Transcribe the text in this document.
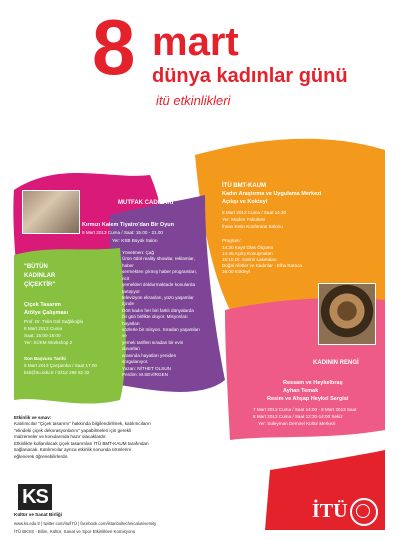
8 mart
dünya kadınlar günü
itü etkinlikleri
MUTFAK CADILARI
Kırmızı Kalem Tiyatro'dan Bir Oyun
8 Mart 2013 Cuma / Saat: 15.00 - 21.00
Yer: KSB Büyük Salon
Yönetmen: Çağ
Ürün ödül reality showlar, reklamlar, haber
sermekten çıkmış haber programları, ricit
yemekleri doldurmaktadır konularda tartışıyor
televizyon ekranları, yüzü yaşamlar içinde
Dört kadın her biri farklı dünyalarda
bir gün birlikte oluyor. Misyonları hayatları
sözlerle bir misyon. Sıradan yaşamları ve
yemek tarifleri sıradan bir evin duvarları
arasında hayatları yeniden sorgulanıyor.
Yazan: NİTHET OLSUN
Perdim: M.SEVİRGEN
İTÜ BMT-KAUM
Kadın Araştırma ve Uygulama Merkezi
Açılışı ve Kokteyl
8 Mart 2013 Cuma / Saat 14.30
Yer: Maden Fakültesi
İhsan Ketin Konferans Salonu
Program:
14:30 Kayıt Olas Ölçümü
14:45 Açılış Konuşmaları
15:15 Dr. Satmir Laketalan
Doğal Afetler ve Kadınlar - Elha Karaca
16:00 Kokteyl
"BÜTÜN
KADINLAR
ÇİÇEKTİR"
Çiçek Tasarım
Atölye Çalışması
Prof. Dr. Tülin Gül Sağlıkoğlu
8 Mart 2013 Cuma
Saat: 15:00-15:00
Yer: SÜKM Workshop 2
Son Başvuru Tarihi
6 Mart 2013 Çarşamba / Saat 17.00
ksb@itu.edu.tr / 0212 285 62 32
KADININ RENGİ
Ressam ve Heykeltıraş
Ayhan Temak
Resim ve Ahşap Heykel Sergisi
7 Mart 2013 Cuma / Saat 14:00 - 8 Mart 2013 Saat
8 Mart 2013 Cuma / Saat 12:30-14:00 Sekiz
Yer: Süleyman Demirel Kültür Merkezi
Etkinlik ve sınav:
Katılımcılar "Çiçek tasarımı" hakkında bilgilendirilmek, katılımcıların
"elindeki çiçek dekorasyonlarını" yapabilmeleri için gerekli
malzemeler ve konularında hazır olacaklardır.
Etkinlikte kullanılacak çiçek tasarımları İTÜ BMT-KAUM tarafından
sağlanacak. Katılımcılar ayrıca etkinlik sonunda ürünlerini
eğlenerek öğrenebilirlerdir.
KS
Kültür ve Sanat Birliği	İTÜ
www.ks.edu.tr | twitter.com/itu/İTÜ | facebook.com/istanbultechnicaluniversity
İTÜ BKSS - Bilim, Kültür, Sanat ve Spor Etkinlikleri Komisyonu
